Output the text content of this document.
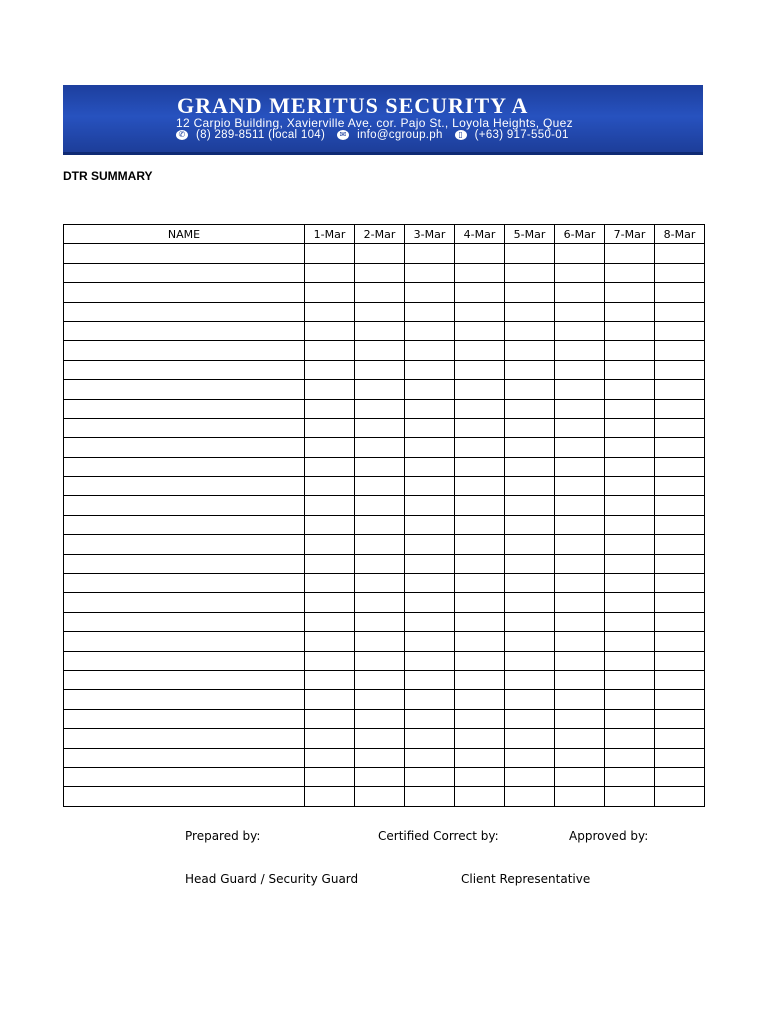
GRAND MERITUS SECURITY A
12 Carpio Building, Xavierville Ave. cor. Pajo St., Loyola Heights, Quez
✆ (8) 289-8511 (local 104)	✉ info@cgroup.ph	▯	(+63) 917-550-01
DTR SUMMARY
NAME	1-Mar	2-Mar	3-Mar	4-Mar	5-Mar	6-Mar	7-Mar	8-Mar

Prepared by:	Certified Correct by:	Approved by:
Head Guard / Security Guard	Client Representative
